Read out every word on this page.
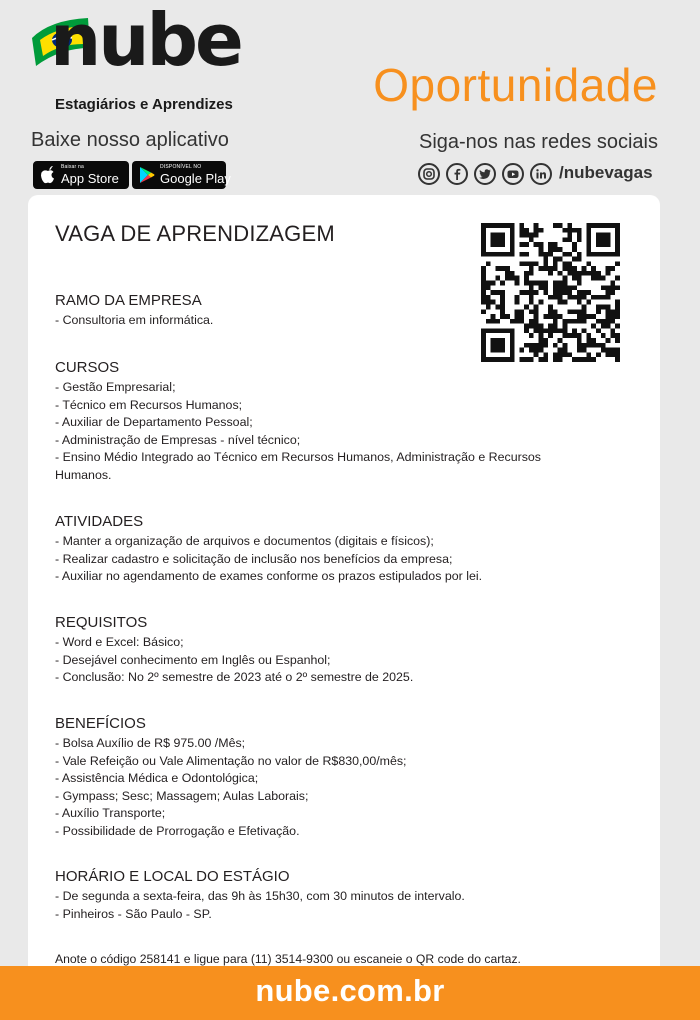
nube
Estagiários e Aprendizes	Oportunidade
Baixe nosso aplicativo	Siga-nos nas redes sociais
Baixar na
App Store
DISPONÍVEL NO
Google Play	/nubevagas
VAGA DE APRENDIZAGEM
RAMO DA EMPRESA
- Consultoria em informática.
CURSOS
- Gestão Empresarial;
- Técnico em Recursos Humanos;
- Auxiliar de Departamento Pessoal;
- Administração de Empresas - nível técnico;
- Ensino Médio Integrado ao Técnico em Recursos Humanos, Administração e Recursos
Humanos.
ATIVIDADES
- Manter a organização de arquivos e documentos (digitais e físicos);
- Realizar cadastro e solicitação de inclusão nos benefícios da empresa;
- Auxiliar no agendamento de exames conforme os prazos estipulados por lei.
REQUISITOS
- Word e Excel: Básico;
- Desejável conhecimento em Inglês ou Espanhol;
- Conclusão: No 2º semestre de 2023 até o 2º semestre de 2025.
BENEFÍCIOS
- Bolsa Auxílio de R$ 975.00 /Mês;
- Vale Refeição ou Vale Alimentação no valor de R$830,00/mês;
- Assistência Médica e Odontológica;
- Gympass; Sesc; Massagem; Aulas Laborais;
- Auxílio Transporte;
- Possibilidade de Prorrogação e Efetivação.
HORÁRIO E LOCAL DO ESTÁGIO
- De segunda a sexta-feira, das 9h às 15h30, com 30 minutos de intervalo.
- Pinheiros - São Paulo - SP.
Anote o código 258141 e ligue para (11) 3514-9300 ou escaneie o QR code do cartaz.
nube.com.br
